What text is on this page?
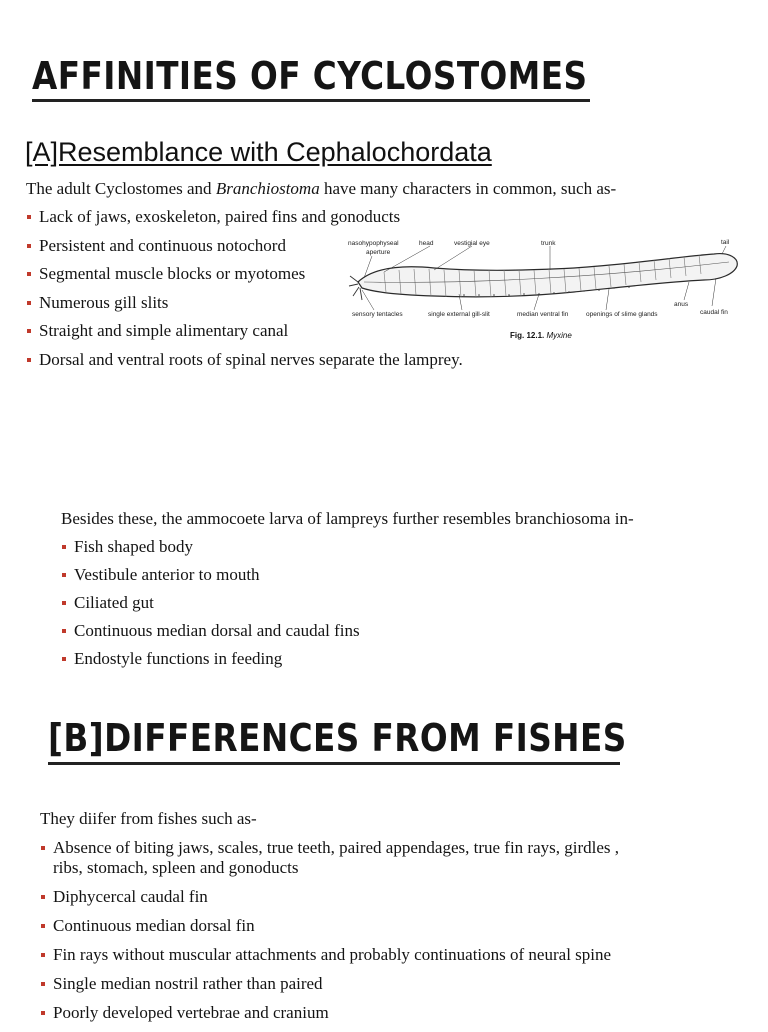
AFFINITIES OF CYCLOSTOMES
[A]Resemblance with Cephalochordata
The adult Cyclostomes and Branchiostoma have many characters in common, such as-
Lack of jaws, exoskeleton, paired fins and gonoducts
Persistent and continuous notochord
Segmental muscle blocks or myotomes
Numerous gill slits
Straight and simple alimentary canal
Dorsal and ventral roots of spinal nerves separate the lamprey.
nasohypophyseal
aperture
head	vestigial eye	trunk	tail
sensory tentacles	single external gill-slit	median ventral fin	openings of slime glands
anus
caudal fin
Fig. 12.1. Myxine
Besides these, the ammocoete larva of lampreys further resembles branchiosoma in-
Fish shaped body
Vestibule anterior to mouth
Ciliated gut
Continuous median dorsal and caudal fins
Endostyle functions in feeding
[B]DIFFERENCES FROM FISHES
They diifer from fishes such as-
Absence of biting jaws, scales, true teeth, paired appendages, true fin rays, girdles ,
ribs, stomach, spleen and gonoducts
Diphycercal caudal fin
Continuous median dorsal fin
Fin rays without muscular attachments and probably continuations of neural spine
Single median nostril rather than paired
Poorly developed vertebrae and cranium
